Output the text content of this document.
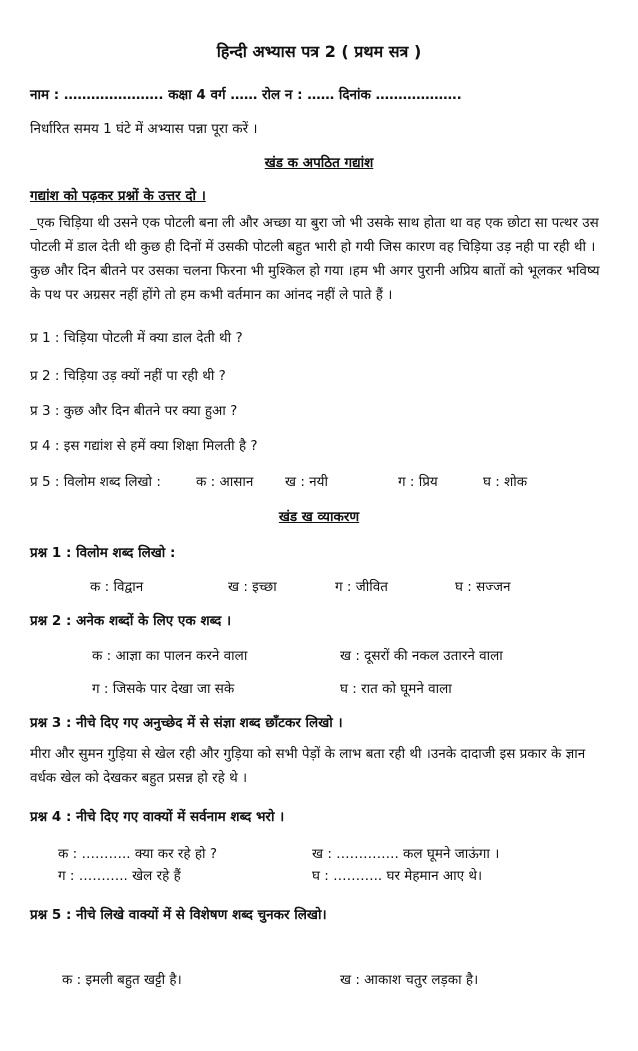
हिन्दी अभ्यास पत्र 2 ( प्रथम सत्र )
नाम : …………………. कक्षा 4 वर्ग …… रोल न : …… दिनांक ……………….
निर्धारित समय 1 घंटे में अभ्यास पन्ना पूरा करें ।
खंड क अपठित गद्यांश
गद्यांश को पढ़कर प्रश्नों के उत्तर दो ।
_एक चिड़िया थी उसने एक पोटली बना ली और अच्छा या बुरा जो भी उसके साथ होता था वह एक छोटा सा पत्थर उस पोटली में डाल देती थी कुछ ही दिनों में उसकी पोटली बहुत भारी हो गयी जिस कारण वह चिड़िया उड़ नही पा रही थी ।कुछ और दिन बीतने पर उसका चलना फिरना भी मुश्किल हो गया ।हम भी अगर पुरानी अप्रिय बातों को भूलकर भविष्य के पथ पर अग्रसर नहीं होंगे तो हम कभी वर्तमान का आंनद नहीं ले पाते हैं ।
प्र 1 : चिड़िया पोटली में क्या डाल देती थी ?
प्र 2 : चिड़िया उड़ क्यों नहीं पा रही थी ?
प्र 3 : कुछ और दिन बीतने पर क्या हुआ ?
प्र 4 : इस गद्यांश से हमें क्या शिक्षा मिलती है ?
प्र 5 : विलोम शब्द लिखो :	क : आसान ख : नयी	ग : प्रिय	घ : शोक
खंड ख व्याकरण
प्रश्न 1 : विलोम शब्द लिखो :
क : विद्वान	ख : इच्छा	ग : जीवित	घ : सज्जन
प्रश्न 2 : अनेक शब्दों के लिए एक शब्द ।
क : आज्ञा का पालन करने वाला	ख : दूसरों की नकल उतारने वाला
ग : जिसके पार देखा जा सके	घ : रात को घूमने वाला
प्रश्न 3 : नीचे दिए गए अनुच्छेद में से संज्ञा शब्द छाँटकर लिखो ।
मीरा और सुमन गुड़िया से खेल रही और गुड़िया को सभी पेड़ों के लाभ बता रही थी ।उनके दादाजी इस प्रकार के ज्ञान वर्धक खेल को देखकर बहुत प्रसन्न हो रहे थे ।
प्रश्न 4 : नीचे दिए गए वाक्यों में सर्वनाम शब्द भरो ।
क : ……….. क्या कर रहे हो ?	ख : ………….. कल घूमने जाऊंगा ।
ग : ……….. खेल रहे हैं	घ : ……….. घर मेहमान आए थे।
प्रश्न 5 : नीचे लिखे वाक्यों में से विशेषण शब्द चुनकर लिखो।
क : इमली बहुत खट्टी है।	ख : आकाश चतुर लड़का है।
